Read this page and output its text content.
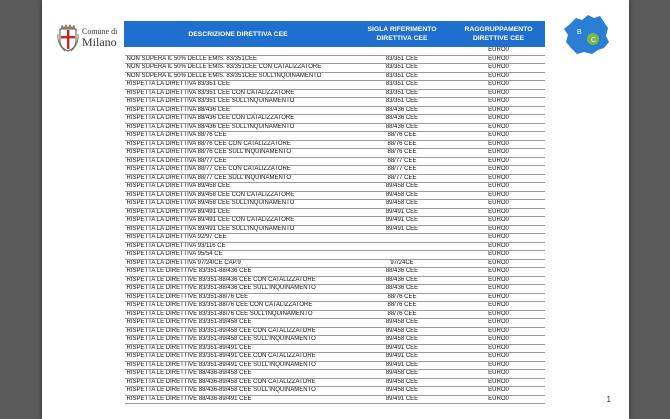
Comune di
Milano
B
C
DESCRIZIONE DIRETTIVA CEE	SIGLA RIFERIMENTO DIRETTIVA CEE	RAGGRUPPAMENTO DIRETTIVE CEE
		EURO0
NON SUPERA IL 50% DELLE EMIS. 83/351CEE	83/351 CEE	EURO0
NON SUPERA IL 50% DELLE EMIS. 83/351CEE CON CATALIZZATORE	83/351 CEE	EURO0
NON SUPERA IL 50% DELLE EMIS. 83/351CEE SULL'INQUINAMENTO	83/351 CEE	EURO0
RISPETTA LA DIRETTIVA 83/351 CEE	83/351 CEE	EURO0
RISPETTA LA DIRETTIVA 83/351 CEE CON CATALIZZATORE	83/351 CEE	EURO0
RISPETTA LA DIRETTIVA 83/351 CEE SULL'INQUINAMENTO	83/351 CEE	EURO0
RISPETTA LA DIRETTIVA 88/436 CEE	88/436 CEE	EURO0
RISPETTA LA DIRETTIVA 88/436 CEE CON CATALIZZATORE	88/436 CEE	EURO0
RISPETTA LA DIRETTIVA 88/436 CEE SULL'INQUINAMENTO	88/436 CEE	EURO0
RISPETTA LA DIRETTIVA 88/76 CEE	88/76 CEE	EURO0
RISPETTA LA DIRETTIVA 88/76 CEE CON CATALIZZATORE	88/76 CEE	EURO0
RISPETTA LA DIRETTIVA 88/76 CEE SULL'INQUINAMENTO	88/76 CEE	EURO0
RISPETTA LA DIRETTIVA 88/77 CEE	88/77 CEE	EURO0
RISPETTA LA DIRETTIVA 88/77 CEE CON CATALIZZATORE	88/77 CEE	EURO0
RISPETTA LA DIRETTIVA 88/77 CEE SULL'INQUINAMENTO	88/77 CEE	EURO0
RISPETTA LA DIRETTIVA 89/458 CEE	89/458 CEE	EURO0
RISPETTA LA DIRETTIVA 89/458 CEE CON CATALIZZATORE	89/458 CEE	EURO0
RISPETTA LA DIRETTIVA 89/458 CEE SULL'INQUINAMENTO	89/458 CEE	EURO0
RISPETTA LA DIRETTIVA 89/491 CEE	89/491 CEE	EURO0
RISPETTA LA DIRETTIVA 89/491 CEE CON CATALIZZATORE	89/491 CEE	EURO0
RISPETTA LA DIRETTIVA 89/491 CEE SULL'INQUINAMENTO	89/491 CEE	EURO0
RISPETTA LA DIRETTIVA 92/97 CEE		EURO0
RISPETTA LA DIRETTIVA 93/116 CE		EURO0
RISPETTA LA DIRETTIVA 95/54 CE		EURO0
RISPETTA LA DIRETTIVA 97/24/CE CAP.9	97/24CE	EURO0
RISPETTA LE DIRETTIVE 83/351-88/436 CEE	88/436 CEE	EURO0
RISPETTA LE DIRETTIVE 83/351-88/436 CEE CON CATALIZZATORE	88/436 CEE	EURO0
RISPETTA LE DIRETTIVE 83/351-88/436 CEE SULL'INQUINAMENTO	88/436 CEE	EURO0
RISPETTA LE DIRETTIVE 83/351-88/76 CEE	88/76 CEE	EURO0
RISPETTA LE DIRETTIVE 83/351-88/76 CEE CON CATALIZZATORE	88/76 CEE	EURO0
RISPETTA LE DIRETTIVE 83/351-88/76 CEE SULL'INQUINAMENTO	88/76 CEE	EURO0
RISPETTA LE DIRETTIVE 83/351-89/458 CEE	89/458 CEE	EURO0
RISPETTA LE DIRETTIVE 83/351-89/458 CEE CON CATALIZZATORE	89/458 CEE	EURO0
RISPETTA LE DIRETTIVE 83/351-89/458 CEE SULL'INQUINAMENTO	89/458 CEE	EURO0
RISPETTA LE DIRETTIVE 83/351-89/491 CEE	89/491 CEE	EURO0
RISPETTA LE DIRETTIVE 83/351-89/491 CEE CON CATALIZZATORE	89/491 CEE	EURO0
RISPETTA LE DIRETTIVE 83/351-89/491 CEE SULL'INQUINAMENTO	89/491 CEE	EURO0
RISPETTA LE DIRETTIVE 88/436-89/458 CEE	89/458 CEE	EURO0
RISPETTA LE DIRETTIVE 88/436-89/458 CEE CON CATALIZZATORE	89/458 CEE	EURO0
RISPETTA LE DIRETTIVE 88/436-89/458 CEE SULL'INQUINAMENTO	89/458 CEE	EURO0
RISPETTA LE DIRETTIVE 88/436-89/491 CEE	89/491 CEE	EURO0	1
